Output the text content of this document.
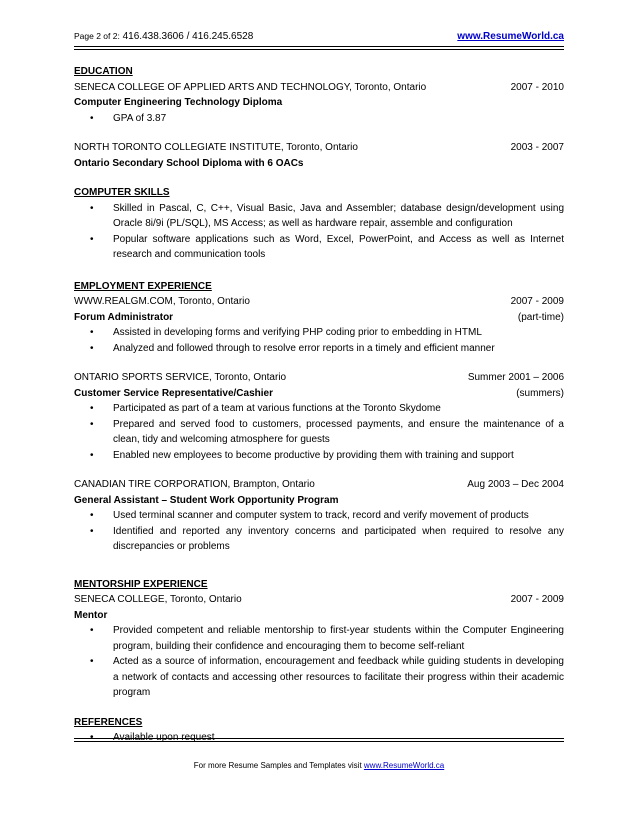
Page 2 of 2: 416.438.3606 / 416.245.6528	www.ResumeWorld.ca
EDUCATION
SENECA COLLEGE OF APPLIED ARTS AND TECHNOLOGY, Toronto, Ontario	2007 - 2010
Computer Engineering Technology Diploma
• GPA of 3.87
NORTH TORONTO COLLEGIATE INSTITUTE, Toronto, Ontario	2003 - 2007
Ontario Secondary School Diploma with 6 OACs
COMPUTER SKILLS
• Skilled in Pascal, C, C++, Visual Basic, Java and Assembler; database design/development using Oracle 8i/9i (PL/SQL), MS Access; as well as hardware repair, assemble and configuration
• Popular software applications such as Word, Excel, PowerPoint, and Access as well as Internet research and communication tools
EMPLOYMENT EXPERIENCE
WWW.REALGM.COM, Toronto, Ontario	2007 - 2009
Forum Administrator	(part-time)
• Assisted in developing forms and verifying PHP coding prior to embedding in HTML
• Analyzed and followed through to resolve error reports in a timely and efficient manner
ONTARIO SPORTS SERVICE, Toronto, Ontario	Summer 2001 – 2006
Customer Service Representative/Cashier	(summers)
• Participated as part of a team at various functions at the Toronto Skydome
• Prepared and served food to customers, processed payments, and ensure the maintenance of a clean, tidy and welcoming atmosphere for guests
• Enabled new employees to become productive by providing them with training and support
CANADIAN TIRE CORPORATION, Brampton, Ontario	Aug 2003 – Dec 2004
General Assistant – Student Work Opportunity Program
• Used terminal scanner and computer system to track, record and verify movement of products
• Identified and reported any inventory concerns and participated when required to resolve any discrepancies or problems
MENTORSHIP EXPERIENCE
SENECA COLLEGE, Toronto, Ontario	2007 - 2009
Mentor
• Provided competent and reliable mentorship to first-year students within the Computer Engineering program, building their confidence and encouraging them to become self-reliant
• Acted as a source of information, encouragement and feedback while guiding students in developing a network of contacts and accessing other resources to facilitate their progress within their academic program
REFERENCES
• Available upon request
For more Resume Samples and Templates visit www.ResumeWorld.ca
